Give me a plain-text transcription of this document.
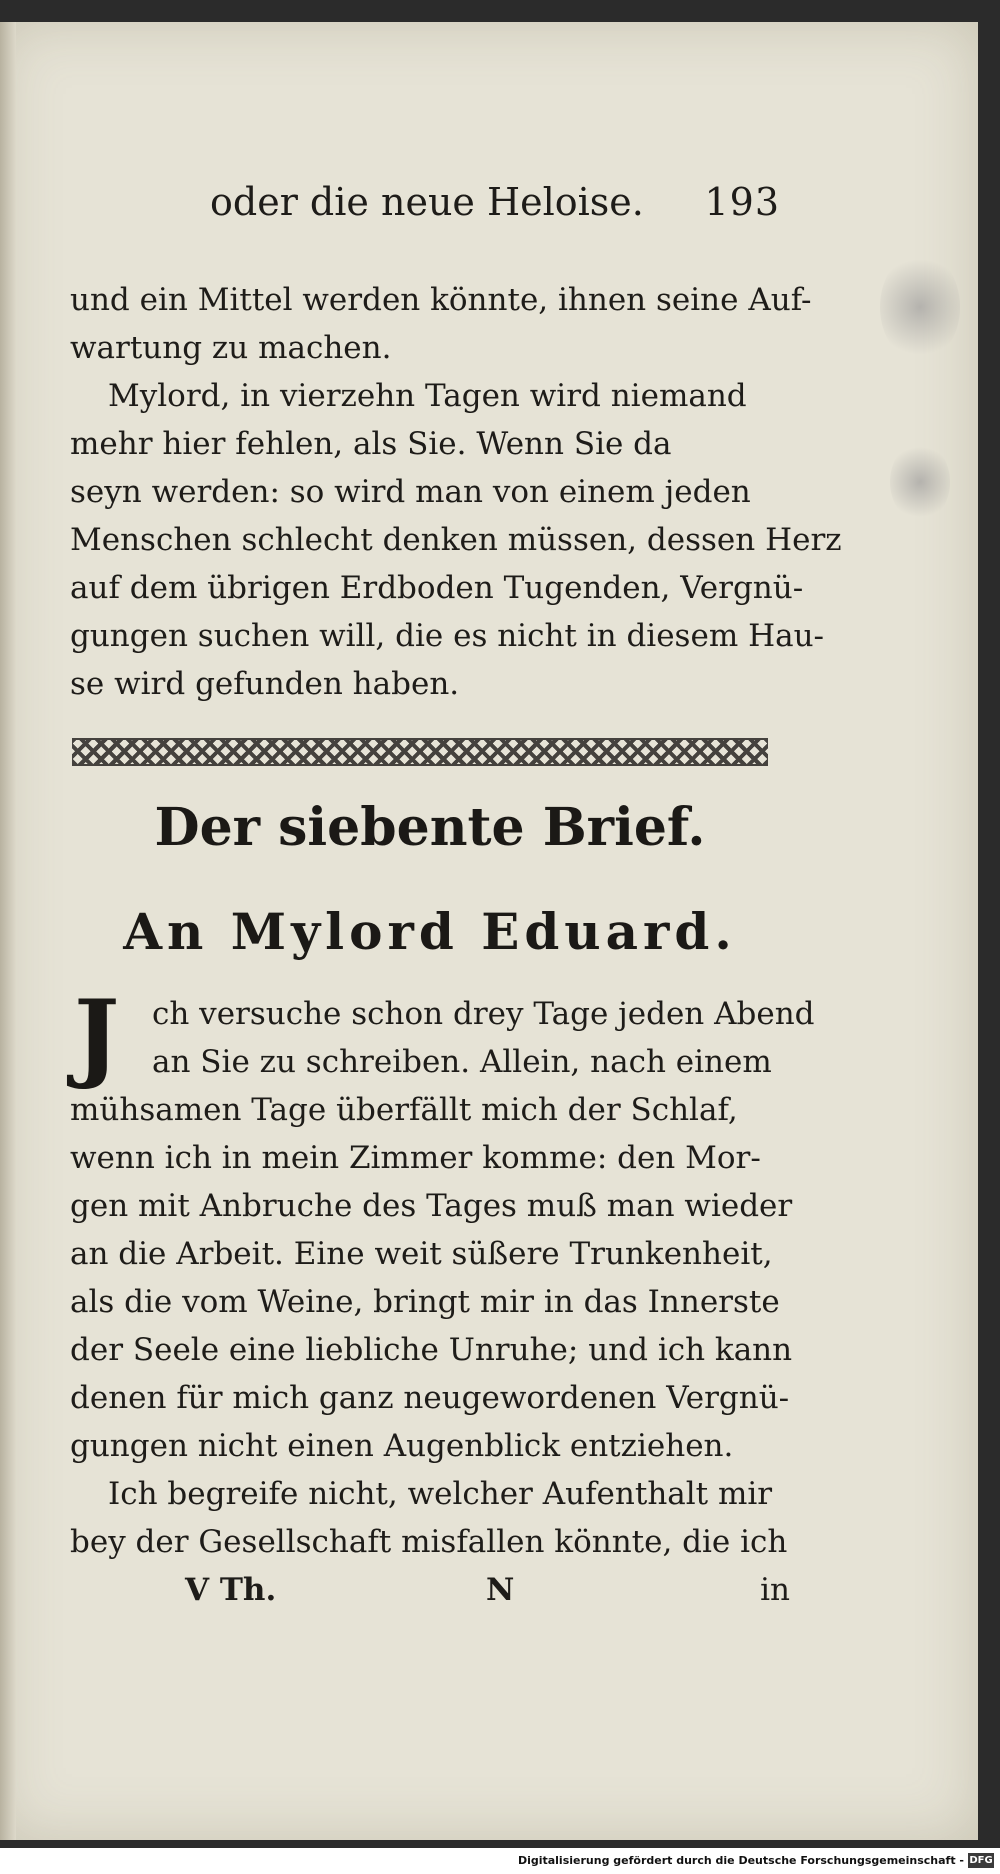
oder die neue Heloise. 193
und ein Mittel werden könnte, ihnen seine Auf-
wartung zu machen.
Mylord, in vierzehn Tagen wird niemand
mehr hier fehlen, als Sie. Wenn Sie da
seyn werden: so wird man von einem jeden
Menschen schlecht denken müssen, dessen Herz
auf dem übrigen Erdboden Tugenden, Vergnü-
gungen suchen will, die es nicht in diesem Hau-
se wird gefunden haben.
Der siebente Brief.
An Mylord Eduard.
J	ch versuche schon drey Tage jeden Abend
an Sie zu schreiben. Allein, nach einem
mühsamen Tage überfällt mich der Schlaf,
wenn ich in mein Zimmer komme: den Mor-
gen mit Anbruche des Tages muß man wieder
an die Arbeit. Eine weit süßere Trunkenheit,
als die vom Weine, bringt mir in das Innerste
der Seele eine liebliche Unruhe; und ich kann
denen für mich ganz neugewordenen Vergnü-
gungen nicht einen Augenblick entziehen.
Ich begreife nicht, welcher Aufenthalt mir
bey der Gesellschaft misfallen könnte, die ich
V Th.	N	in
Digitalisierung gefördert durch die Deutsche Forschungsgemeinschaft - DFG
